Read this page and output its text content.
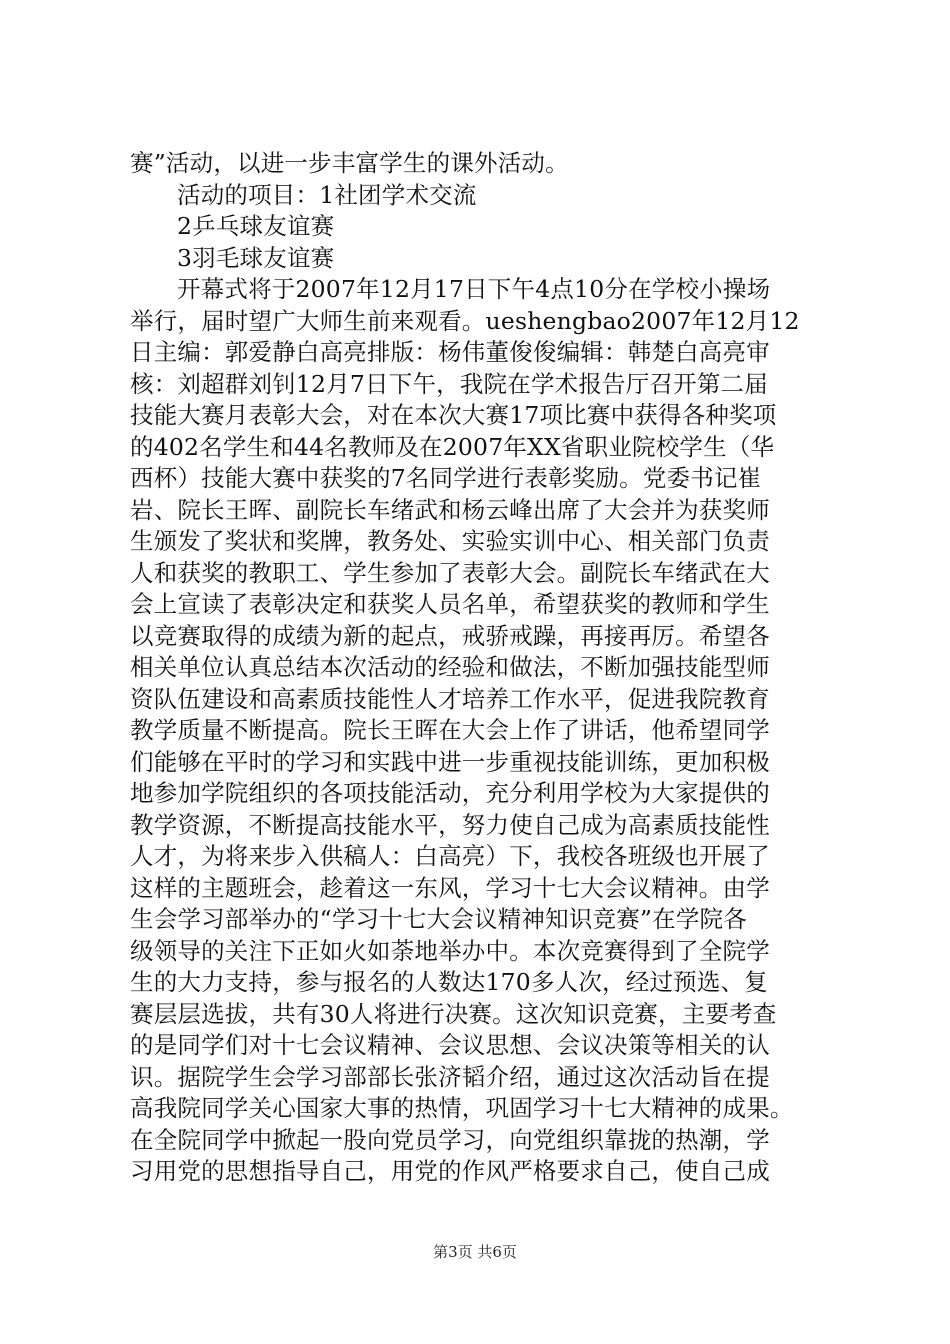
赛”活动，以进一步丰富学生的课外活动。
活动的项目：1社团学术交流
2乒乓球友谊赛
3羽毛球友谊赛
开幕式将于2007年12月17日下午4点10分在学校小操场
举行，届时望广大师生前来观看。ueshengbao2007年12月12
日主编：郭爱静白高亮排版：杨伟董俊俊编辑：韩楚白高亮审
核：刘超群刘钊12月7日下午，我院在学术报告厅召开第二届
技能大赛月表彰大会，对在本次大赛17项比赛中获得各种奖项
的402名学生和44名教师及在2007年XX省职业院校学生（华
西杯）技能大赛中获奖的7名同学进行表彰奖励。党委书记崔
岩、院长王晖、副院长车绪武和杨云峰出席了大会并为获奖师
生颁发了奖状和奖牌，教务处、实验实训中心、相关部门负责
人和获奖的教职工、学生参加了表彰大会。副院长车绪武在大
会上宣读了表彰决定和获奖人员名单，希望获奖的教师和学生
以竞赛取得的成绩为新的起点，戒骄戒躁，再接再厉。希望各
相关单位认真总结本次活动的经验和做法，不断加强技能型师
资队伍建设和高素质技能性人才培养工作水平，促进我院教育
教学质量不断提高。院长王晖在大会上作了讲话，他希望同学
们能够在平时的学习和实践中进一步重视技能训练，更加积极
地参加学院组织的各项技能活动，充分利用学校为大家提供的
教学资源，不断提高技能水平，努力使自己成为高素质技能性
人才，为将来步入供稿人：白高亮）下，我校各班级也开展了
这样的主题班会，趁着这一东风，学习十七大会议精神。由学
生会学习部举办的“学习十七大会议精神知识竞赛”在学院各
级领导的关注下正如火如荼地举办中。本次竞赛得到了全院学
生的大力支持，参与报名的人数达170多人次，经过预选、复
赛层层选拔，共有30人将进行决赛。这次知识竞赛，主要考查
的是同学们对十七会议精神、会议思想、会议决策等相关的认
识。据院学生会学习部部长张济韬介绍，通过这次活动旨在提
高我院同学关心国家大事的热情，巩固学习十七大精神的成果。
在全院同学中掀起一股向党员学习，向党组织靠拢的热潮，学
习用党的思想指导自己，用党的作风严格要求自己，使自己成
第3页 共6页
